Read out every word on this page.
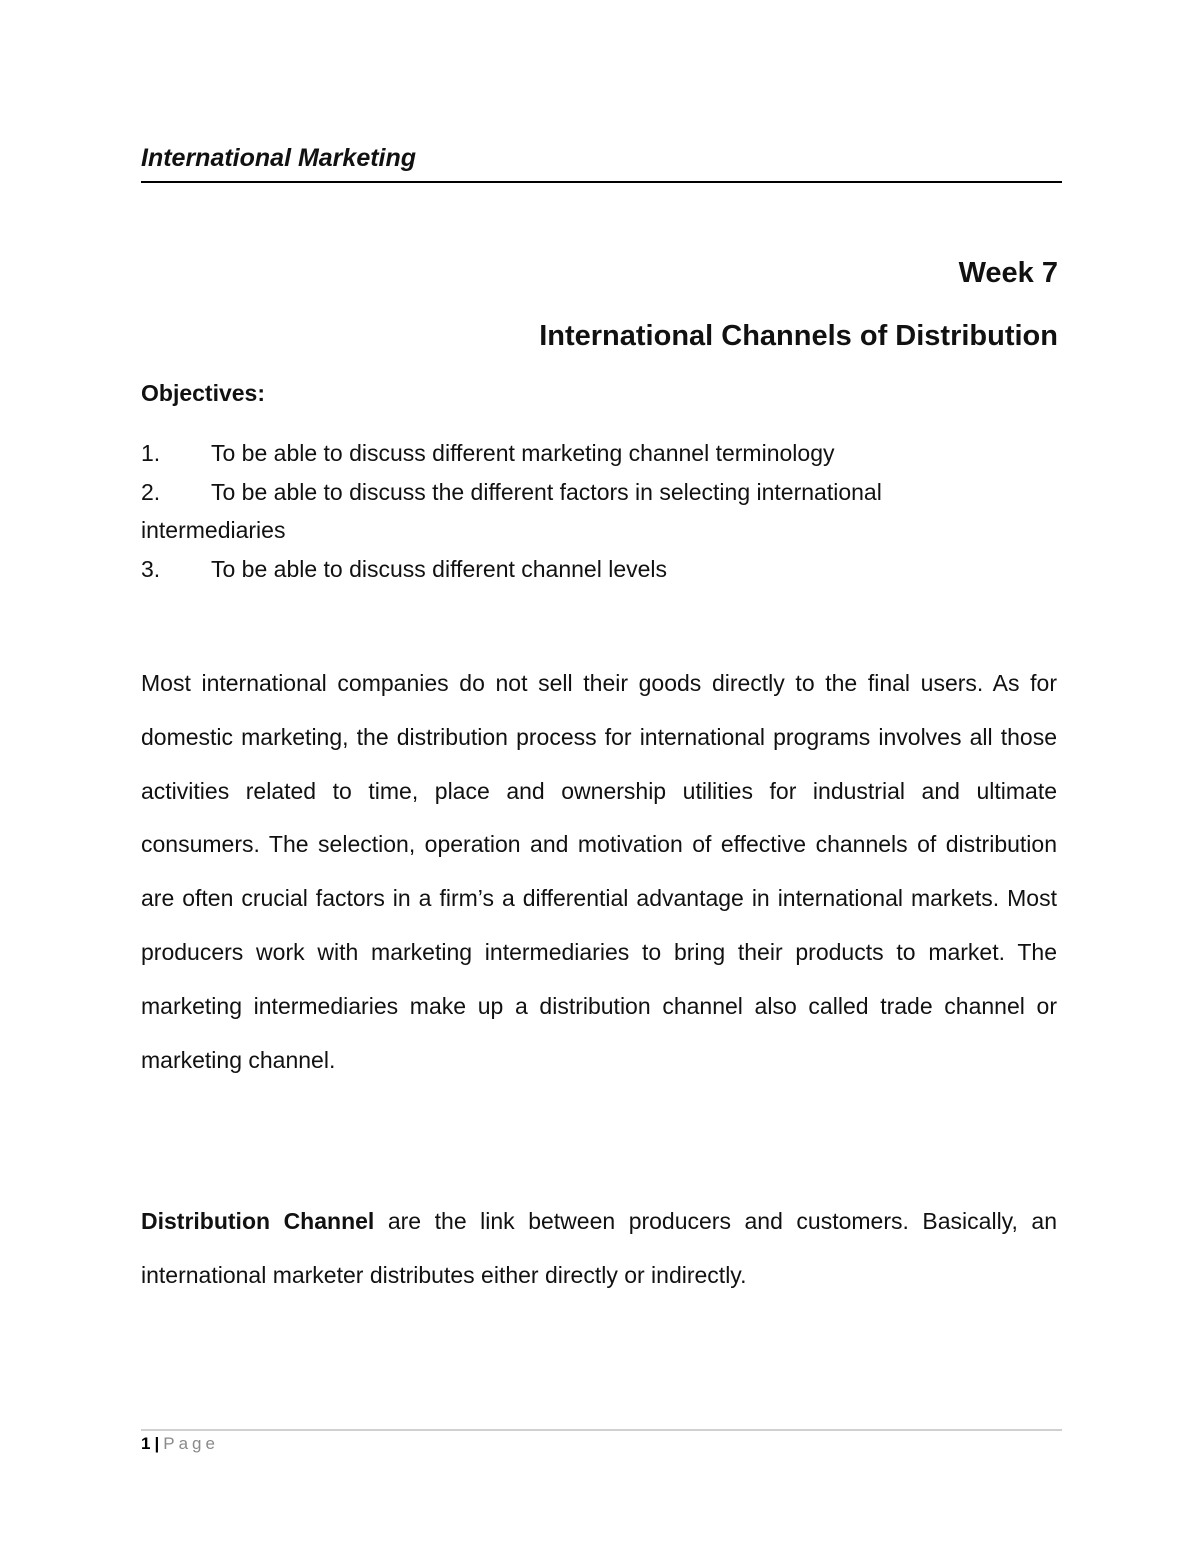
International Marketing
Week 7
International Channels of Distribution
Objectives:
1. To be able to discuss different marketing channel terminology
2. To be able to discuss the different factors in selecting international
intermediaries
3. To be able to discuss different channel levels

Most international companies do not sell their goods directly to the final users. As for domestic marketing, the distribution process for international programs involves all those activities related to time, place and ownership utilities for industrial and ultimate consumers. The selection, operation and motivation of effective channels of distribution are often crucial factors in a firm’s a differential advantage in international markets. Most producers work with marketing intermediaries to bring their products to market. The marketing intermediaries make up a distribution channel also called trade channel or marketing channel.

Distribution Channel are the link between producers and customers. Basically, an international marketer distributes either directly or indirectly.

1 | Page
